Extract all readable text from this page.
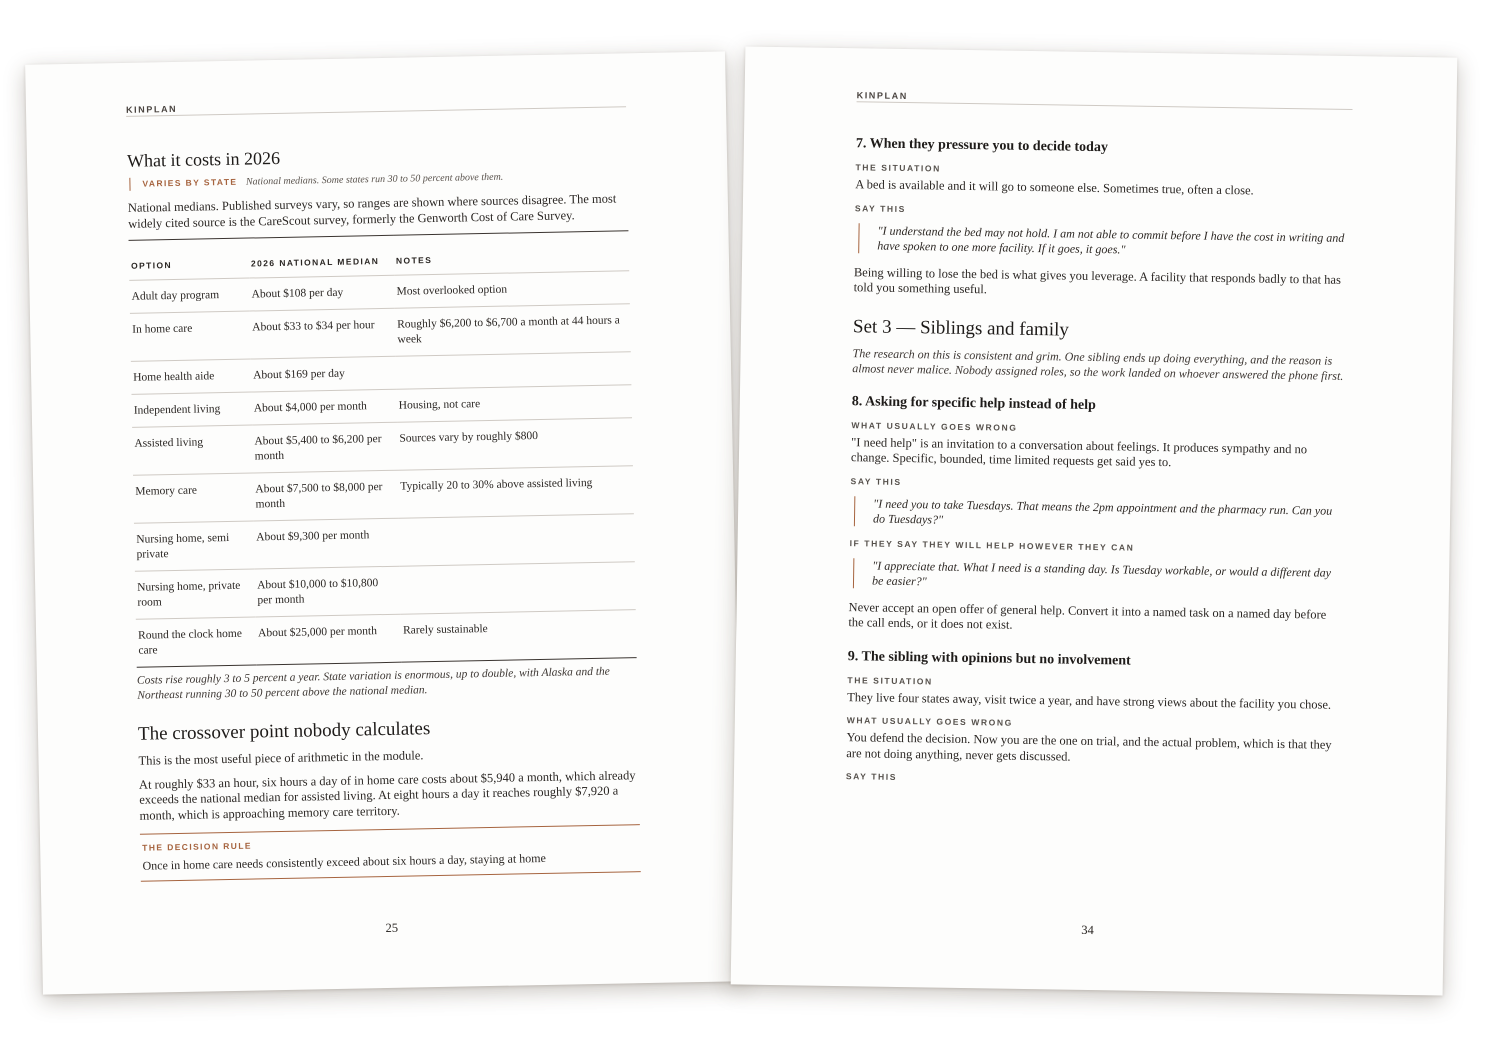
KINPLAN
What it costs in 2026
VARIES BY STATE National medians. Some states run 30 to 50 percent above them.

National medians. Published surveys vary, so ranges are shown where sources disagree. The most widely cited source is the CareScout survey, formerly the Genworth Cost of Care Survey.

OPTION	2026 NATIONAL MEDIAN	NOTES
Adult day program	About $108 per day	Most overlooked option
In home care	About $33 to $34 per hour	Roughly $6,200 to $6,700 a month at 44 hours a week
Home health aide	About $169 per day	
Independent living	About $4,000 per month	Housing, not care
Assisted living	About $5,400 to $6,200 per month	Sources vary by roughly $800
Memory care	About $7,500 to $8,000 per month	Typically 20 to 30% above assisted living
Nursing home, semi private	About $9,300 per month	
Nursing home, private room	About $10,000 to $10,800 per month	
Round the clock home care	About $25,000 per month	Rarely sustainable

Costs rise roughly 3 to 5 percent a year. State variation is enormous, up to double, with Alaska and the Northeast running 30 to 50 percent above the national median.

The crossover point nobody calculates

This is the most useful piece of arithmetic in the module.

At roughly $33 an hour, six hours a day of in home care costs about $5,940 a month, which already exceeds the national median for assisted living. At eight hours a day it reaches roughly $7,920 a month, which is approaching memory care territory.

THE DECISION RULE

Once in home care needs consistently exceed about six hours a day, staying at home

25
KINPLAN
7. When they pressure you to decide today
THE SITUATION

A bed is available and it will go to someone else. Sometimes true, often a close.

SAY THIS
"I understand the bed may not hold. I am not able to commit before I have the cost in writing and have spoken to one more facility. If it goes, it goes."

Being willing to lose the bed is what gives you leverage. A facility that responds badly to that has told you something useful.

Set 3 — Siblings and family

The research on this is consistent and grim. One sibling ends up doing everything, and the reason is almost never malice. Nobody assigned roles, so the work landed on whoever answered the phone first.

8. Asking for specific help instead of help
WHAT USUALLY GOES WRONG

"I need help" is an invitation to a conversation about feelings. It produces sympathy and no change. Specific, bounded, time limited requests get said yes to.

SAY THIS
"I need you to take Tuesdays. That means the 2pm appointment and the pharmacy run. Can you do Tuesdays?"
IF THEY SAY THEY WILL HELP HOWEVER THEY CAN
"I appreciate that. What I need is a standing day. Is Tuesday workable, or would a different day be easier?"

Never accept an open offer of general help. Convert it into a named task on a named day before the call ends, or it does not exist.

9. The sibling with opinions but no involvement
THE SITUATION

They live four states away, visit twice a year, and have strong views about the facility you chose.

WHAT USUALLY GOES WRONG

You defend the decision. Now you are the one on trial, and the actual problem, which is that they are not doing anything, never gets discussed.

SAY THIS
34
